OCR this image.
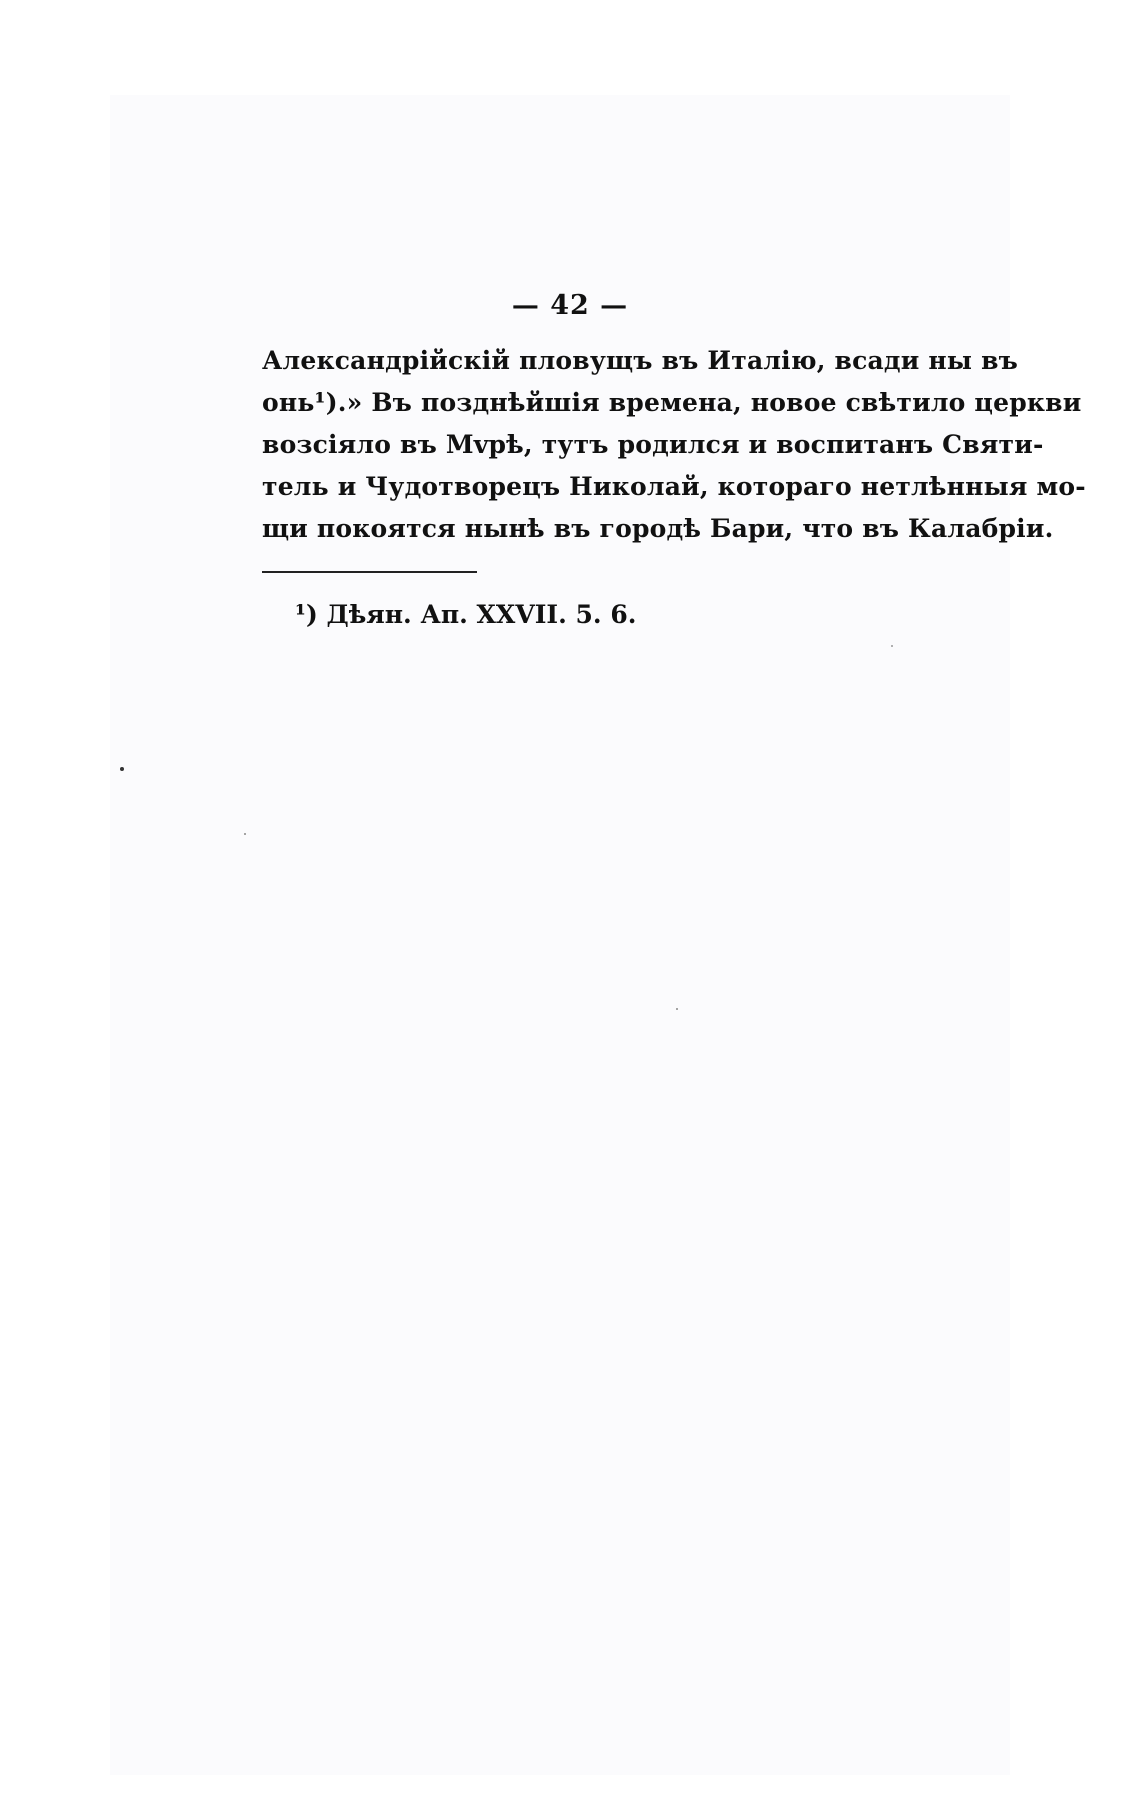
— 42 —
Александрійскій пловущъ въ Италію, всади ны въ
онь¹).» Въ позднѣйшія времена, новое свѣтило церкви
возсіяло въ Мvрѣ, тутъ родился и воспитанъ Святи-
тель и Чудотворецъ Николай, котораго нетлѣнныя мо-
щи покоятся нынѣ въ городѣ Бари, что въ Калабріи.
¹) Дѣян. Ап. XXVII. 5. 6.
